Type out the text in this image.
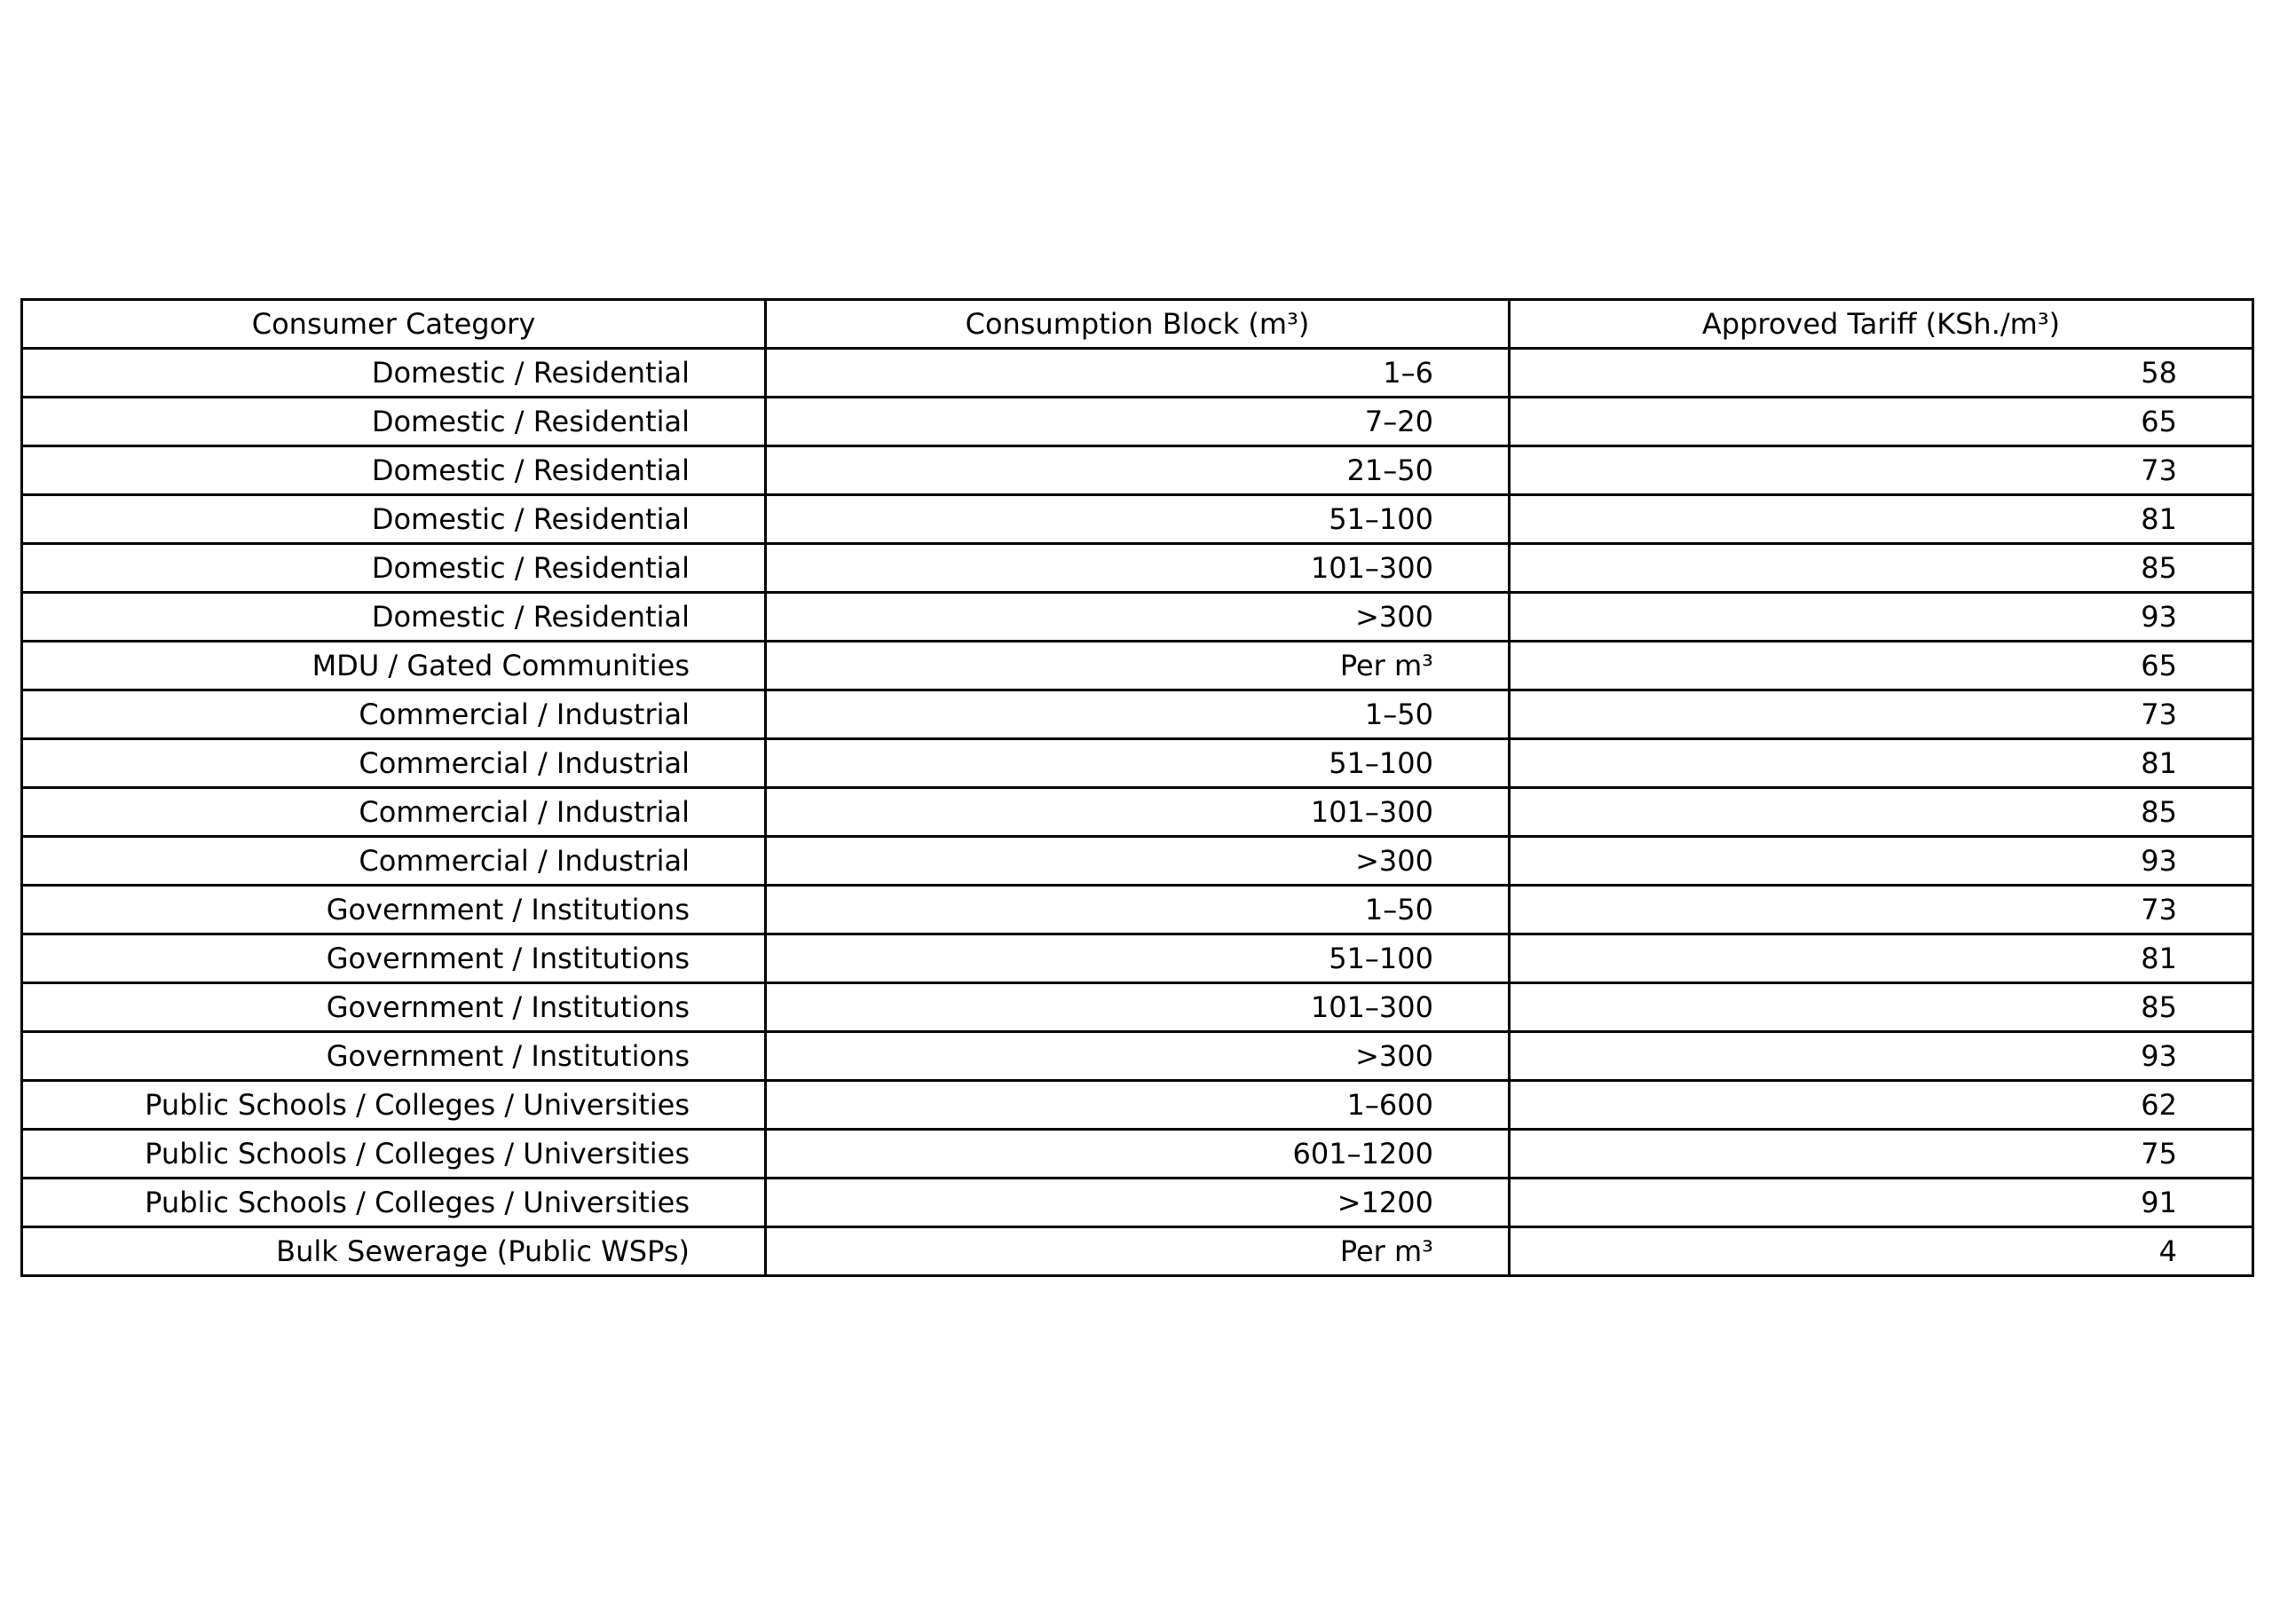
Consumer Category	Consumption Block (m³)	Approved Tariff (KSh./m³)
Domestic / Residential	1–6	58
Domestic / Residential	7–20	65
Domestic / Residential	21–50	73
Domestic / Residential	51–100	81
Domestic / Residential	101–300	85
Domestic / Residential	>300	93
MDU / Gated Communities	Per m³	65
Commercial / Industrial	1–50	73
Commercial / Industrial	51–100	81
Commercial / Industrial	101–300	85
Commercial / Industrial	>300	93
Government / Institutions	1–50	73
Government / Institutions	51–100	81
Government / Institutions	101–300	85
Government / Institutions	>300	93
Public Schools / Colleges / Universities	1–600	62
Public Schools / Colleges / Universities	601–1200	75
Public Schools / Colleges / Universities	>1200	91
Bulk Sewerage (Public WSPs)	Per m³	4
